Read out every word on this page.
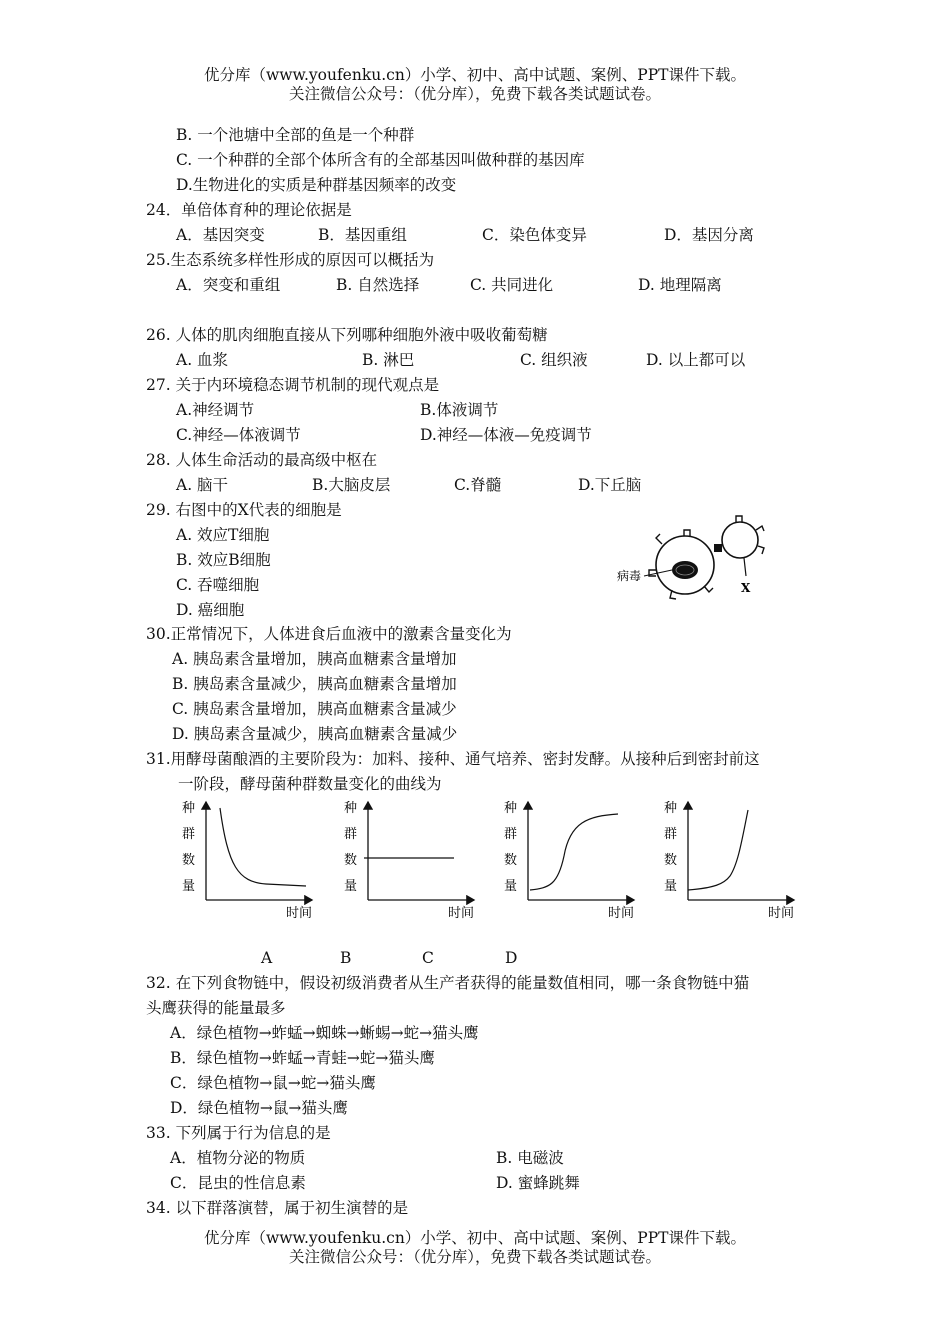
优分库（www.youfenku.cn）小学、初中、高中试题、案例、PPT课件下载。
关注微信公众号：（优分库），免费下载各类试题试卷。
B. 一个池塘中全部的鱼是一个种群
C. 一个种群的全部个体所含有的全部基因叫做种群的基因库
D.生物进化的实质是种群基因频率的改变
24．单倍体育种的理论依据是
A．基因突变	B．基因重组	C．染色体变异	D．基因分离
25.生态系统多样性形成的原因可以概括为
A．突变和重组	B. 自然选择	C. 共同进化	D. 地理隔离
26. 人体的肌肉细胞直接从下列哪种细胞外液中吸收葡萄糖
A. 血浆	B. 淋巴	C. 组织液	D. 以上都可以
27. 关于内环境稳态调节机制的现代观点是
A.神经调节	B.体液调节
C.神经—体液调节	D.神经—体液—免疫调节
28. 人体生命活动的最高级中枢在
A. 脑干	B.大脑皮层	C.脊髓	D.下丘脑
29. 右图中的X代表的细胞是
A. 效应T细胞
B. 效应B细胞
C. 吞噬细胞
D. 癌细胞
病毒
X
30.正常情况下，人体进食后血液中的激素含量变化为
A. 胰岛素含量增加，胰高血糖素含量增加
B. 胰岛素含量减少，胰高血糖素含量增加
C. 胰岛素含量增加，胰高血糖素含量减少
D. 胰岛素含量减少，胰高血糖素含量减少
31.用酵母菌酿酒的主要阶段为：加料、接种、通气培养、密封发酵。从接种后到密封前这
一阶段，酵母菌种群数量变化的曲线为
种
群
数
量
时间
种
群
数
量
时间
种
群
数
量
时间
种
群
数
量
时间
A	B	C	D
32. 在下列食物链中，假设初级消费者从生产者获得的能量数值相同，哪一条食物链中猫
头鹰获得的能量最多
A．绿色植物→蚱蜢→蜘蛛→蜥蜴→蛇→猫头鹰
B．绿色植物→蚱蜢→青蛙→蛇→猫头鹰
C．绿色植物→鼠→蛇→猫头鹰
D．绿色植物→鼠→猫头鹰
33. 下列属于行为信息的是
A．植物分泌的物质	B. 电磁波
C．昆虫的性信息素	D. 蜜蜂跳舞
34. 以下群落演替，属于初生演替的是
优分库（www.youfenku.cn）小学、初中、高中试题、案例、PPT课件下载。
关注微信公众号：（优分库），免费下载各类试题试卷。
